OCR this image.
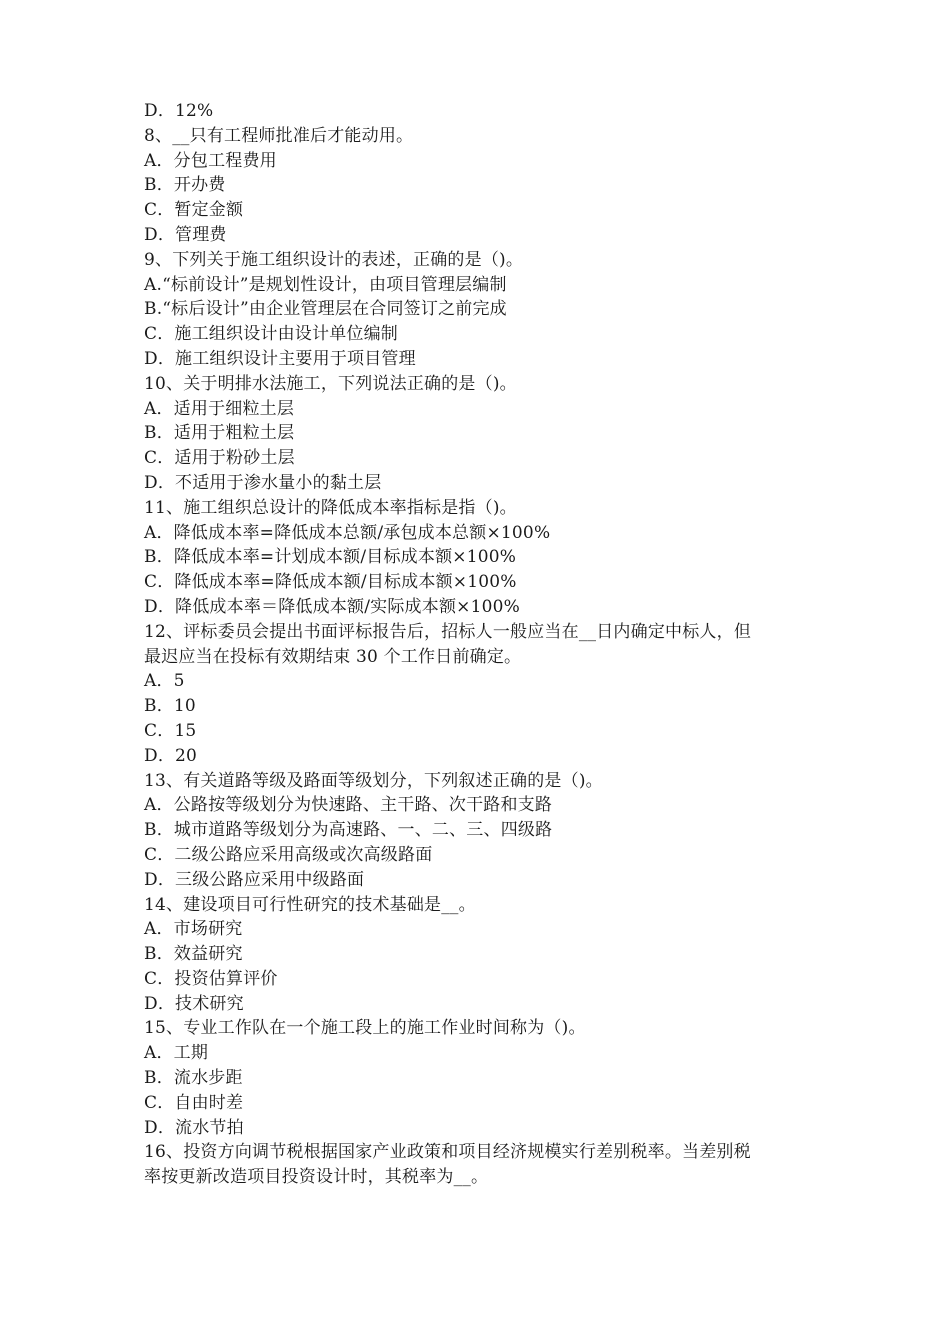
D．12%
8、__只有工程师批准后才能动用。
A．分包工程费用
B．开办费
C．暂定金额
D．管理费
9、下列关于施工组织设计的表述，正确的是（)。
A.“标前设计”是规划性设计，由项目管理层编制
B.“标后设计”由企业管理层在合同签订之前完成
C．施工组织设计由设计单位编制
D．施工组织设计主要用于项目管理
10、关于明排水法施工，下列说法正确的是（)。
A．适用于细粒土层
B．适用于粗粒土层
C．适用于粉砂土层
D．不适用于渗水量小的黏土层
11、施工组织总设计的降低成本率指标是指（)。
A．降低成本率=降低成本总额/承包成本总额×100%
B．降低成本率=计划成本额/目标成本额×100%
C．降低成本率=降低成本额/目标成本额×100%
D．降低成本率＝降低成本额/实际成本额×100%
12、评标委员会提出书面评标报告后，招标人一般应当在__日内确定中标人，但
最迟应当在投标有效期结束 30 个工作日前确定。
A．5
B．10
C．15
D．20
13、有关道路等级及路面等级划分，下列叙述正确的是（)。
A．公路按等级划分为快速路、主干路、次干路和支路
B．城市道路等级划分为高速路、一、二、三、四级路
C．二级公路应采用高级或次高级路面
D．三级公路应采用中级路面
14、建设项目可行性研究的技术基础是__。
A．市场研究
B．效益研究
C．投资估算评价
D．技术研究
15、专业工作队在一个施工段上的施工作业时间称为（)。
A．工期
B．流水步距
C．自由时差
D．流水节拍
16、投资方向调节税根据国家产业政策和项目经济规模实行差别税率。当差别税
率按更新改造项目投资设计时，其税率为__。
